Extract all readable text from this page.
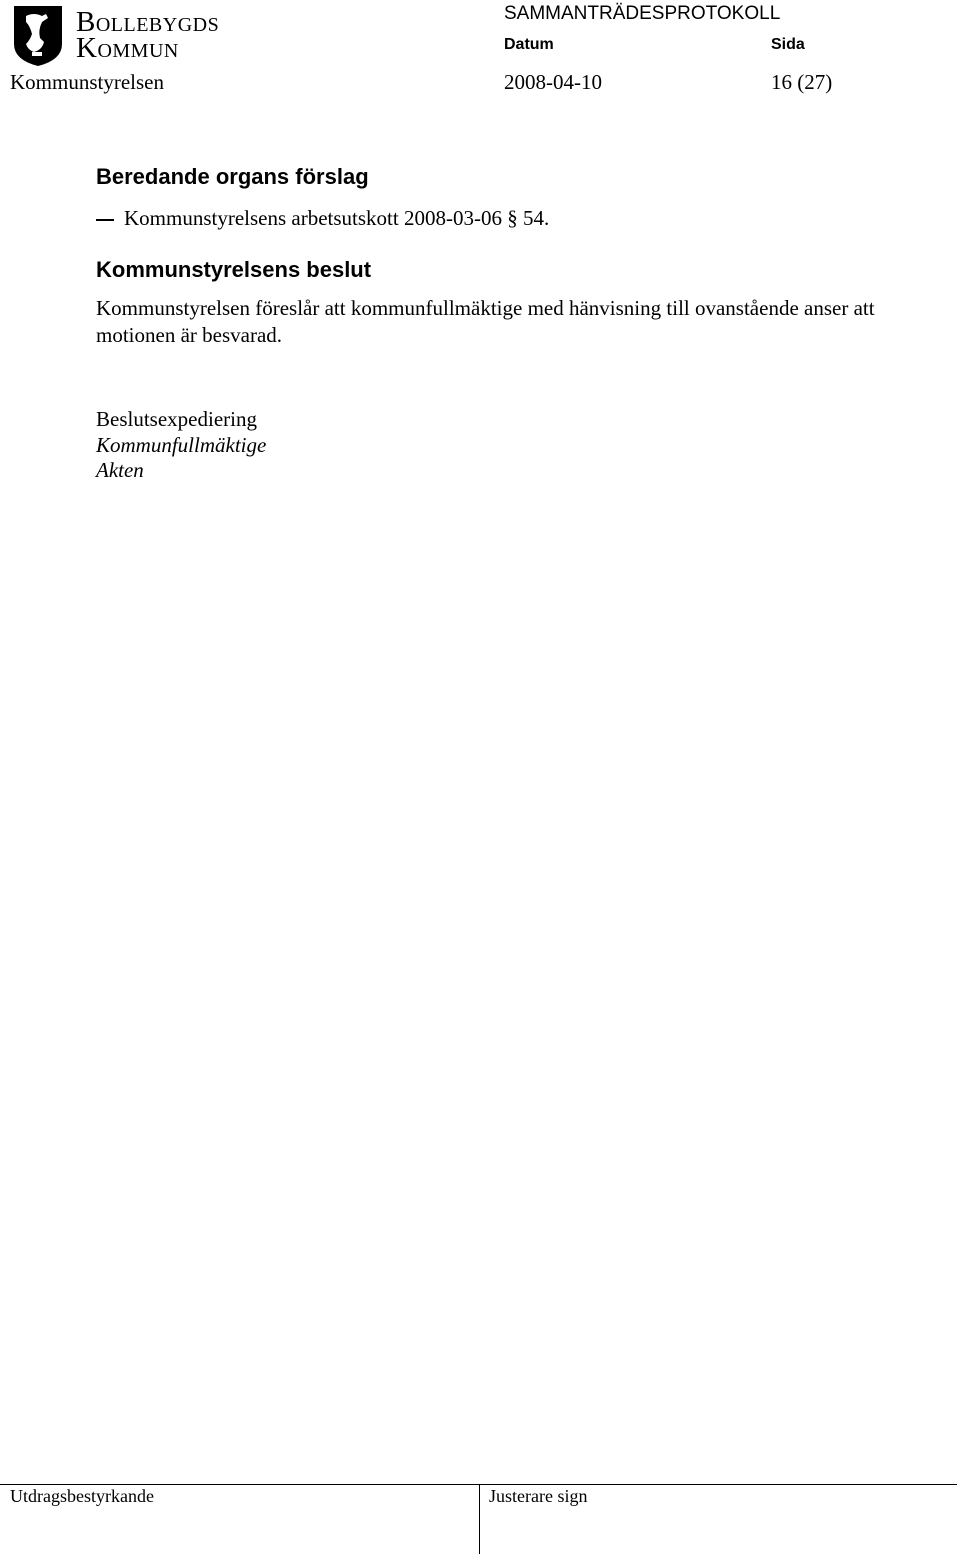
Bollebygds
Kommun
SAMMANTRÄDESPROTOKOLL
Datum	Sida
Kommunstyrelsen	2008-04-10	16 (27)
Beredande organs förslag
Kommunstyrelsens arbetsutskott 2008-03-06 § 54.
Kommunstyrelsens beslut
Kommunstyrelsen föreslår att kommunfullmäktige med hänvisning till ovanstående anser att motionen är besvarad.
Beslutsexpediering
Kommunfullmäktige
Akten
Utdragsbestyrkande	Justerare sign
